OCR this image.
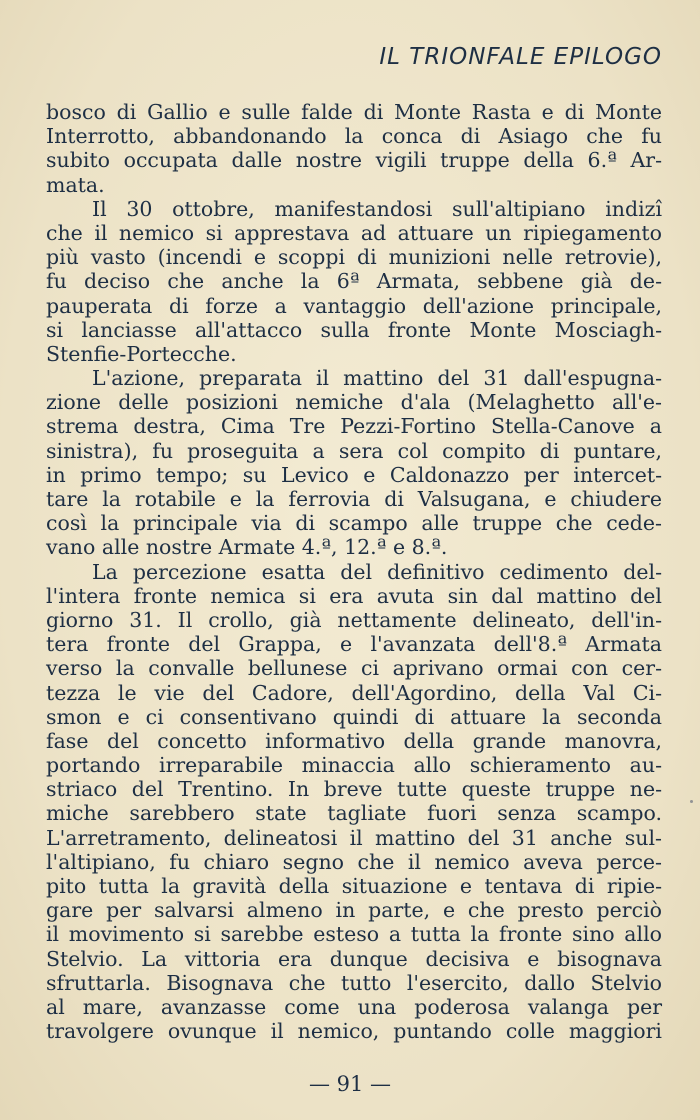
IL TRIONFALE EPILOGO
bosco di Gallio e sulle falde di Monte Rasta e di Monte
Interrotto, abbandonando la conca di Asiago che fu
subito occupata dalle nostre vigili truppe della 6.ª Ar-
mata.
Il 30 ottobre, manifestandosi sull'altipiano indizî
che il nemico si apprestava ad attuare un ripiegamento
più vasto (incendi e scoppi di munizioni nelle retrovie),
fu deciso che anche la 6ª Armata, sebbene già de-
pauperata di forze a vantaggio dell'azione principale,
si lanciasse all'attacco sulla fronte Monte Mosciagh-
Stenfie-Portecche.
L'azione, preparata il mattino del 31 dall'espugna-
zione delle posizioni nemiche d'ala (Melaghetto all'e-
strema destra, Cima Tre Pezzi-Fortino Stella-Canove a
sinistra), fu proseguita a sera col compito di puntare,
in primo tempo; su Levico e Caldonazzo per intercet-
tare la rotabile e la ferrovia di Valsugana, e chiudere
così la principale via di scampo alle truppe che cede-
vano alle nostre Armate 4.ª, 12.ª e 8.ª.
La percezione esatta del definitivo cedimento del-
l'intera fronte nemica si era avuta sin dal mattino del
giorno 31. Il crollo, già nettamente delineato, dell'in-
tera fronte del Grappa, e l'avanzata dell'8.ª Armata
verso la convalle bellunese ci aprivano ormai con cer-
tezza le vie del Cadore, dell'Agordino, della Val Ci-
smon e ci consentivano quindi di attuare la seconda
fase del concetto informativo della grande manovra,
portando irreparabile minaccia allo schieramento au-
striaco del Trentino. In breve tutte queste truppe ne-
miche sarebbero state tagliate fuori senza scampo.
L'arretramento, delineatosi il mattino del 31 anche sul-
l'altipiano, fu chiaro segno che il nemico aveva perce-
pito tutta la gravità della situazione e tentava di ripie-
gare per salvarsi almeno in parte, e che presto perciò
il movimento si sarebbe esteso a tutta la fronte sino allo
Stelvio. La vittoria era dunque decisiva e bisognava
sfruttarla. Bisognava che tutto l'esercito, dallo Stelvio
al mare, avanzasse come una poderosa valanga per
travolgere ovunque il nemico, puntando colle maggiori
— 91 —
